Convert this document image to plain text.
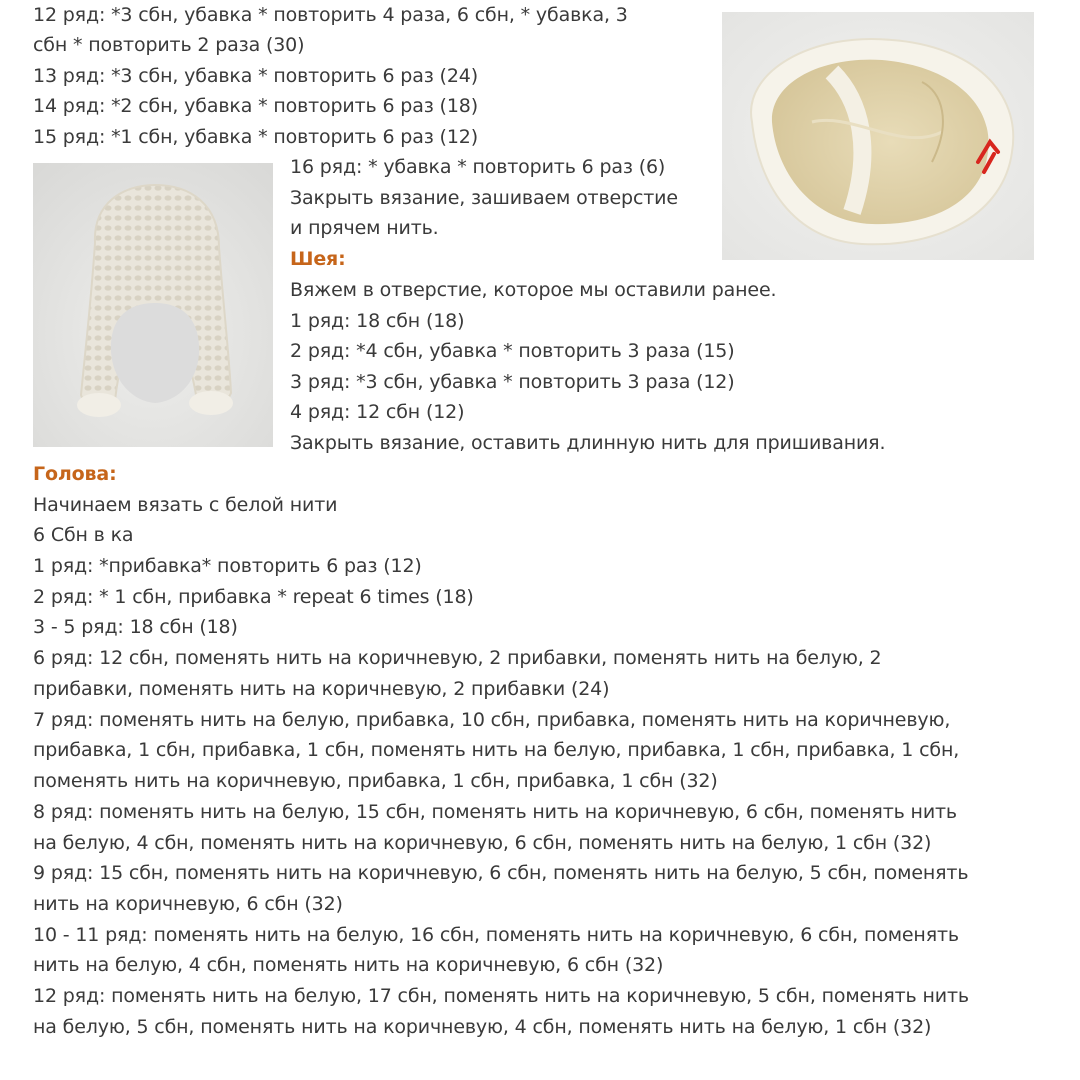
12 ряд: *3 сбн, убавка * повторить 4 раза, 6 сбн, * убавка, 3
сбн * повторить 2 раза (30)
13 ряд: *3 сбн, убавка * повторить 6 раз (24)
14 ряд: *2 сбн, убавка * повторить 6 раз (18)
15 ряд: *1 сбн, убавка * повторить 6 раз (12)
16 ряд: * убавка * повторить 6 раз (6)
Закрыть вязание, зашиваем отверстие
и прячем нить.
Шея:
Вяжем в отверстие, которое мы оставили ранее.
1 ряд: 18 сбн (18)
2 ряд: *4 сбн, убавка * повторить 3 раза (15)
3 ряд: *3 сбн, убавка * повторить 3 раза (12)
4 ряд: 12 сбн (12)
Закрыть вязание, оставить длинную нить для пришивания.
Голова:
Начинаем вязать с белой нити
6 Сбн в ка
1 ряд: *прибавка* повторить 6 раз (12)
2 ряд: * 1 сбн, прибавка * repeat 6 times (18)
3 - 5 ряд: 18 сбн (18)
6 ряд: 12 сбн, поменять нить на коричневую, 2 прибавки, поменять нить на белую, 2
прибавки, поменять нить на коричневую, 2 прибавки (24)
7 ряд: поменять нить на белую, прибавка, 10 сбн, прибавка, поменять нить на коричневую,
прибавка, 1 сбн, прибавка, 1 сбн, поменять нить на белую, прибавка, 1 сбн, прибавка, 1 сбн,
поменять нить на коричневую, прибавка, 1 сбн, прибавка, 1 сбн (32)
8 ряд: поменять нить на белую, 15 сбн, поменять нить на коричневую, 6 сбн, поменять нить
на белую, 4 сбн, поменять нить на коричневую, 6 сбн, поменять нить на белую, 1 сбн (32)
9 ряд: 15 сбн, поменять нить на коричневую, 6 сбн, поменять нить на белую, 5 сбн, поменять
нить на коричневую, 6 сбн (32)
10 - 11 ряд: поменять нить на белую, 16 сбн, поменять нить на коричневую, 6 сбн, поменять
нить на белую, 4 сбн, поменять нить на коричневую, 6 сбн (32)
12 ряд: поменять нить на белую, 17 сбн, поменять нить на коричневую, 5 сбн, поменять нить
на белую, 5 сбн, поменять нить на коричневую, 4 сбн, поменять нить на белую, 1 сбн (32)
